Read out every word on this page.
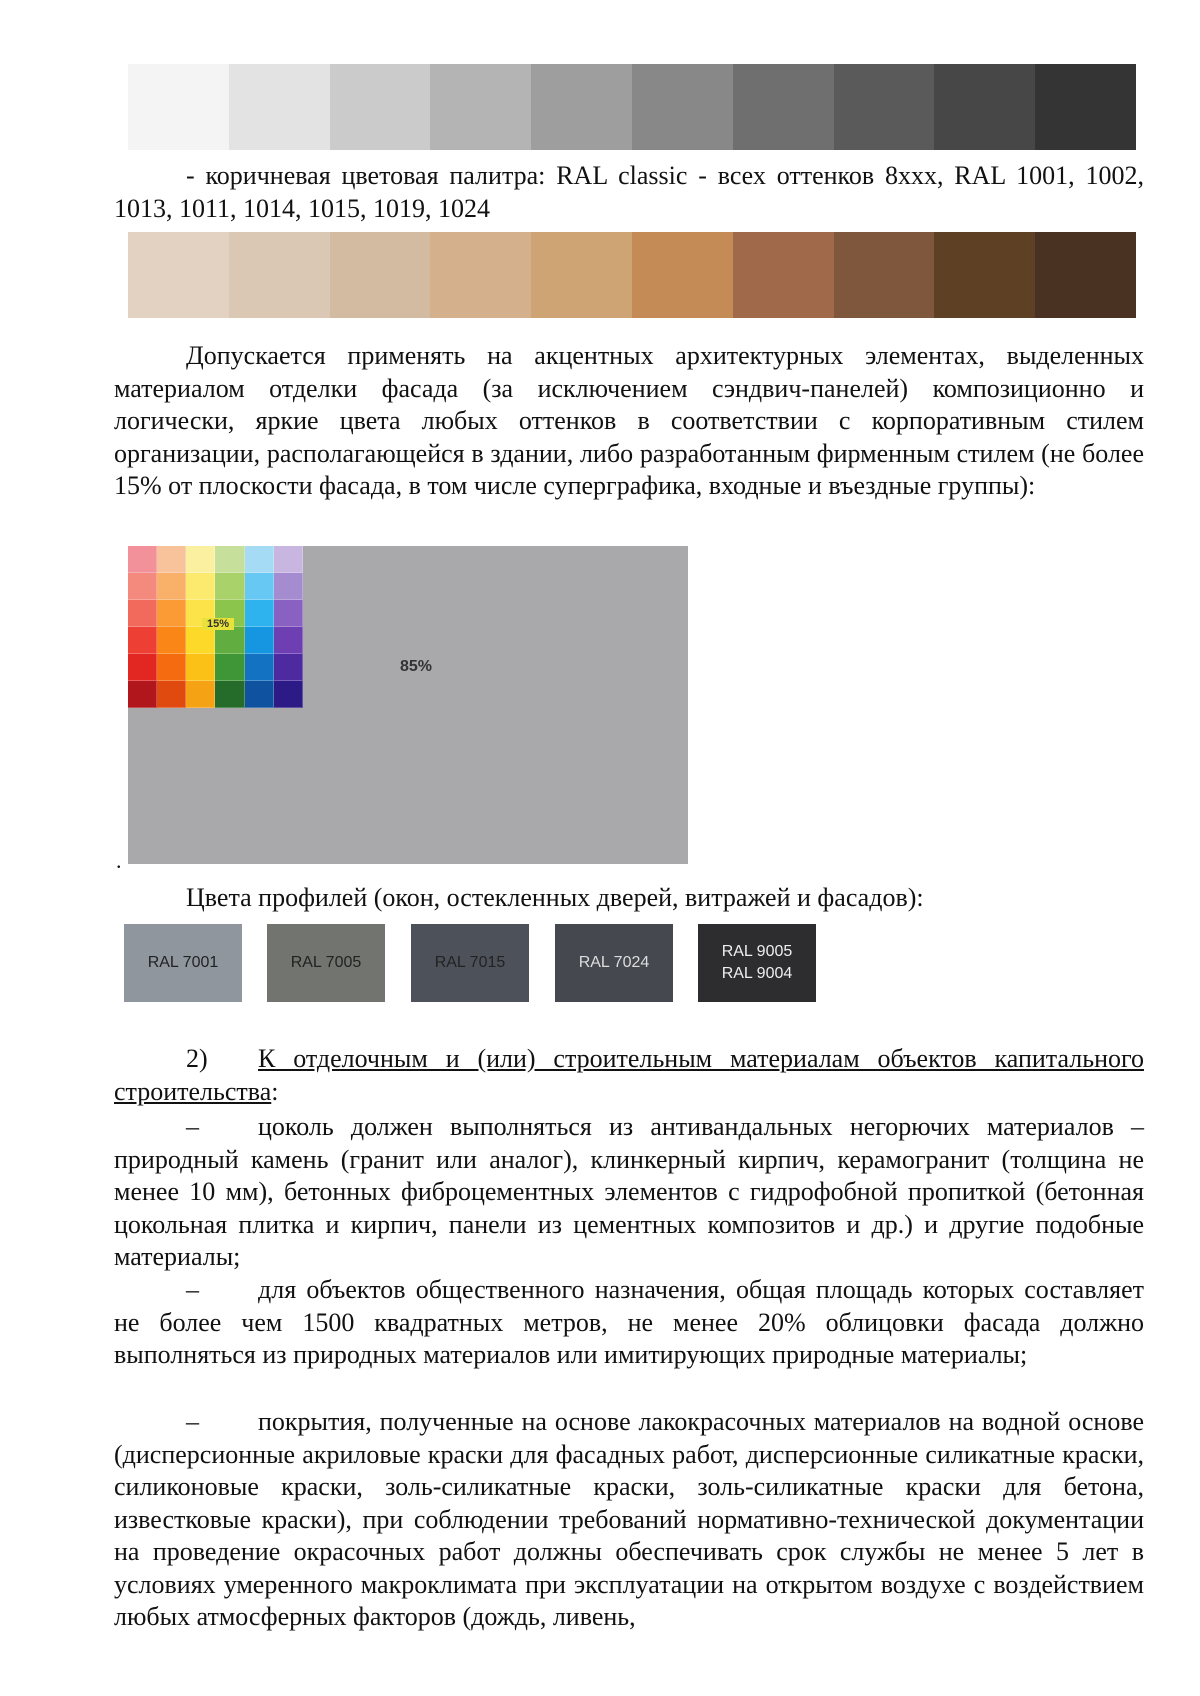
- коричневая цветовая палитра: RAL classic - всех оттенков 8xxx, RAL 1001, 1002, 1013, 1011, 1014, 1015, 1019, 1024

Допускается применять на акцентных архитектурных элементах, выделенных материалом отделки фасада (за исключением сэндвич-панелей) композиционно и логически, яркие цвета любых оттенков в соответствии с корпоративным стилем организации, располагающейся в здании, либо разработанным фирменным стилем (не более 15% от плоскости фасада, в том числе суперграфика, входные и въездные группы):

15%
85%
.
Цвета профилей (окон, остекленных дверей, витражей и фасадов):
RAL 7001	RAL 7005	RAL 7015	RAL 7024
RAL 9005
RAL 9004

2) К отделочным и (или) строительным материалам объектов капитального строительства:

– цоколь должен выполняться из антивандальных негорючих материалов – природный камень (гранит или аналог), клинкерный кирпич, керамогранит (толщина не менее 10 мм), бетонных фиброцементных элементов с гидрофобной пропиткой (бетонная цокольная плитка и кирпич, панели из цементных композитов и др.) и другие подобные материалы;

– для объектов общественного назначения, общая площадь которых составляет не более чем 1500 квадратных метров, не менее 20% облицовки фасада должно выполняться из природных материалов или имитирующих природные материалы;

– покрытия, полученные на основе лакокрасочных материалов на водной основе (дисперсионные акриловые краски для фасадных работ, дисперсионные силикатные краски, силиконовые краски, золь-силикатные краски, золь-силикатные краски для бетона, известковые краски), при соблюдении требований нормативно-технической документации на проведение окрасочных работ должны обеспечивать срок службы не менее 5 лет в условиях умеренного макроклимата при эксплуатации на открытом воздухе с воздействием любых атмосферных факторов (дождь, ливень,
